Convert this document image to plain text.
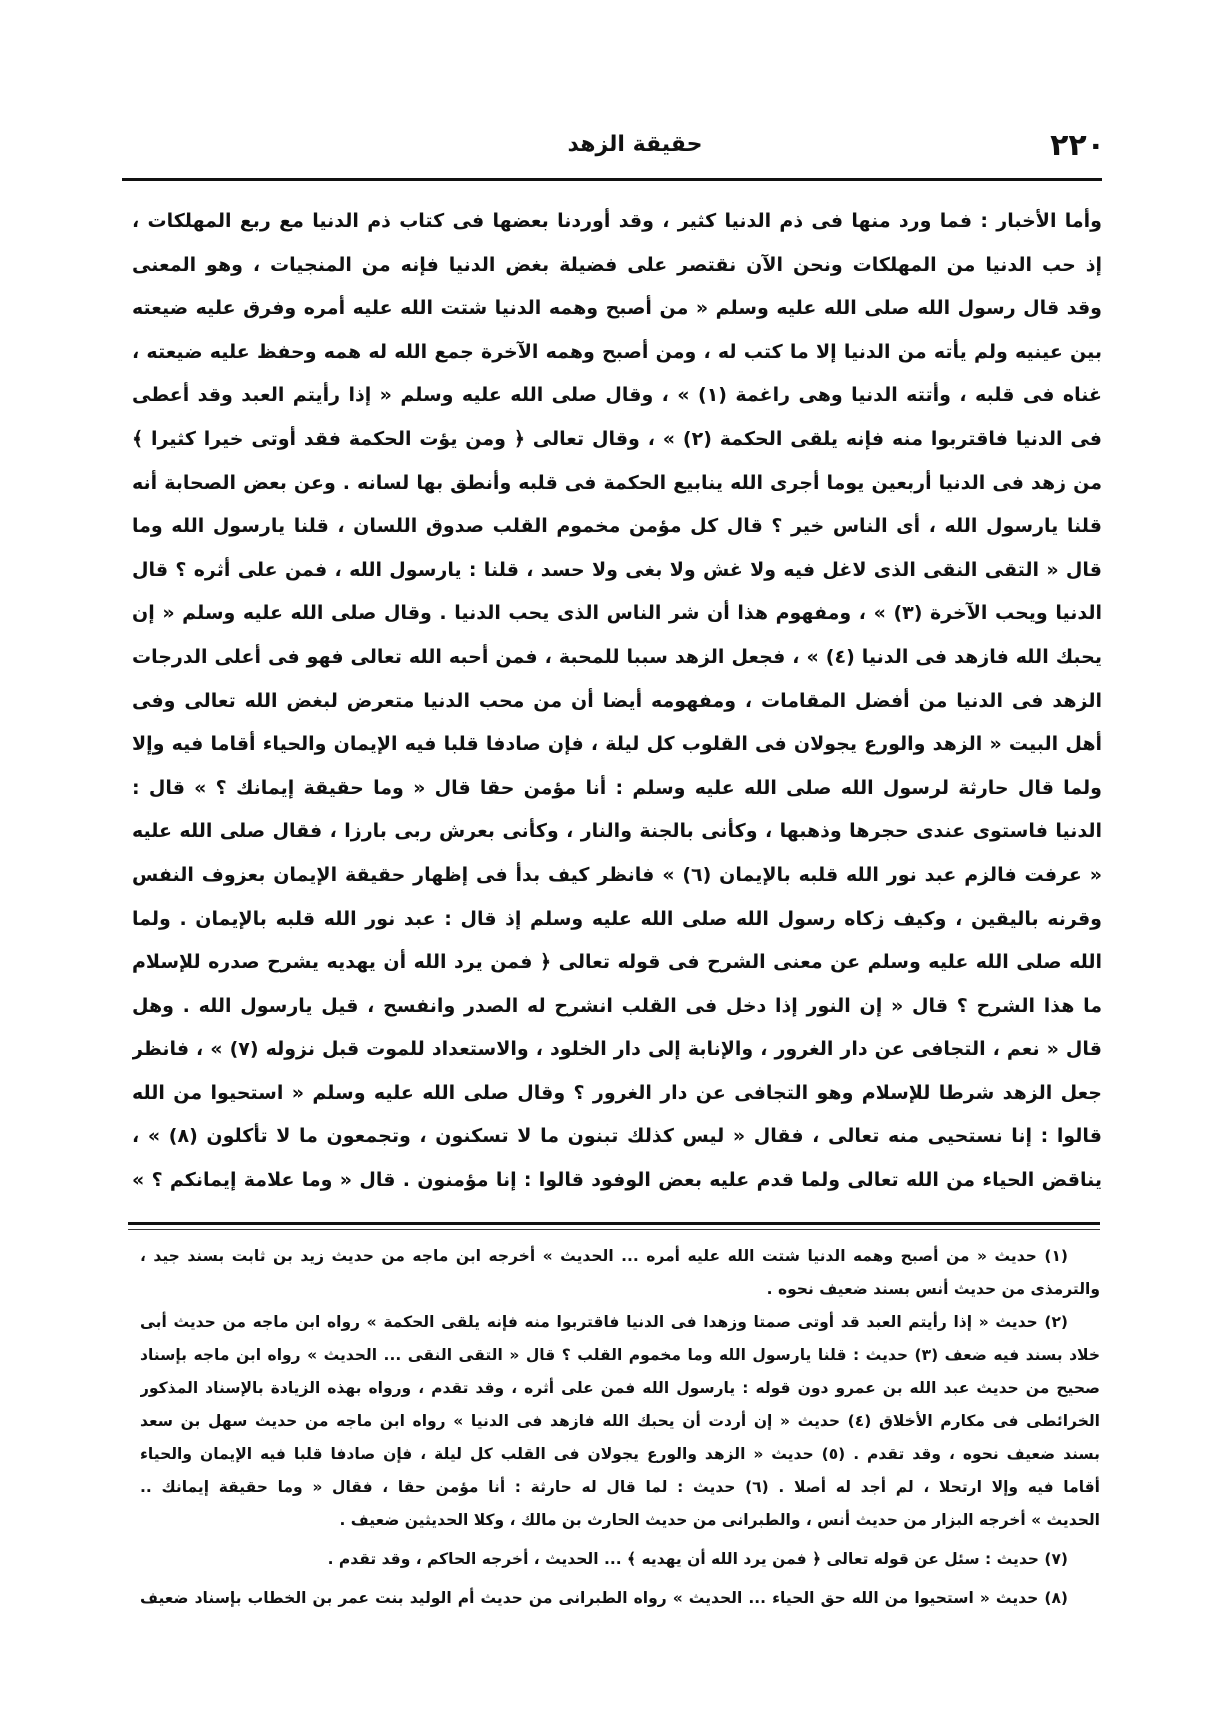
٢٢٠
حقيقة الزهد
وأما الأخبار : فما ورد منها فى ذم الدنيا كثير ، وقد أوردنا بعضها فى كتاب ذم الدنيا مع ربع المهلكات ،
إذ حب الدنيا من المهلكات ونحن الآن نقتصر على فضيلة بغض الدنيا فإنه من المنجيات ، وهو المعنى
وقد قال رسول الله صلى الله عليه وسلم « من أصبح وهمه الدنيا شتت الله عليه أمره وفرق عليه ضيعته
بين عينيه ولم يأته من الدنيا إلا ما كتب له ، ومن أصبح وهمه الآخرة جمع الله له همه وحفظ عليه ضيعته ،
غناه فى قلبه ، وأتته الدنيا وهى راغمة (١) » ، وقال صلى الله عليه وسلم « إذا رأيتم العبد وقد أعطى
فى الدنيا فاقتربوا منه فإنه يلقى الحكمة (٢) » ، وقال تعالى ﴿ ومن يؤت الحكمة فقد أوتى خيرا كثيرا ﴾
من زهد فى الدنيا أربعين يوما أجرى الله ينابيع الحكمة فى قلبه وأنطق بها لسانه . وعن بعض الصحابة أنه
قلنا يارسول الله ، أى الناس خير ؟ قال كل مؤمن مخموم القلب صدوق اللسان ، قلنا يارسول الله وما
قال « التقى النقى الذى لاغل فيه ولا غش ولا بغى ولا حسد ، قلنا : يارسول الله ، فمن على أثره ؟ قال
الدنيا ويحب الآخرة (٣) » ، ومفهوم هذا أن شر الناس الذى يحب الدنيا . وقال صلى الله عليه وسلم « إن
يحبك الله فازهد فى الدنيا (٤) » ، فجعل الزهد سببا للمحبة ، فمن أحبه الله تعالى فهو فى أعلى الدرجات
الزهد فى الدنيا من أفضل المقامات ، ومفهومه أيضا أن من محب الدنيا متعرض لبغض الله تعالى وفى
أهل البيت « الزهد والورع يجولان فى القلوب كل ليلة ، فإن صادفا قلبا فيه الإيمان والحياء أقاما فيه وإلا
ولما قال حارثة لرسول الله صلى الله عليه وسلم : أنا مؤمن حقا قال « وما حقيقة إيمانك ؟ » قال :
الدنيا فاستوى عندى حجرها وذهبها ، وكأنى بالجنة والنار ، وكأنى بعرش ربى بارزا ، فقال صلى الله عليه
« عرفت فالزم عبد نور الله قلبه بالإيمان (٦) » فانظر كيف بدأ فى إظهار حقيقة الإيمان بعزوف النفس
وقرنه باليقين ، وكيف زكاه رسول الله صلى الله عليه وسلم إذ قال : عبد نور الله قلبه بالإيمان . ولما
الله صلى الله عليه وسلم عن معنى الشرح فى قوله تعالى ﴿ فمن يرد الله أن يهديه يشرح صدره للإسلام
ما هذا الشرح ؟ قال « إن النور إذا دخل فى القلب انشرح له الصدر وانفسح ، قيل يارسول الله . وهل
قال « نعم ، التجافى عن دار الغرور ، والإنابة إلى دار الخلود ، والاستعداد للموت قبل نزوله (٧) » ، فانظر
جعل الزهد شرطا للإسلام وهو التجافى عن دار الغرور ؟ وقال صلى الله عليه وسلم « استحيوا من الله
قالوا : إنا نستحيى منه تعالى ، فقال « ليس كذلك تبنون ما لا تسكنون ، وتجمعون ما لا تأكلون (٨) » ،
يناقض الحياء من الله تعالى ولما قدم عليه بعض الوفود قالوا : إنا مؤمنون . قال « وما علامة إيمانكم ؟ »
(١) حديث « من أصبح وهمه الدنيا شتت الله عليه أمره ... الحديث » أخرجه ابن ماجه من حديث زيد بن ثابت بسند جيد ،
والترمذى من حديث أنس بسند ضعيف نحوه .
(٢) حديث « إذا رأيتم العبد قد أوتى صمتا وزهدا فى الدنيا فاقتربوا منه فإنه يلقى الحكمة » رواه ابن ماجه من حديث أبى
خلاد بسند فيه ضعف (٣) حديث : قلنا يارسول الله وما مخموم القلب ؟ قال « التقى النقى ... الحديث » رواه ابن ماجه بإسناد
صحيح من حديث عبد الله بن عمرو دون قوله : يارسول الله فمن على أثره ، وقد تقدم ، ورواه بهذه الزيادة بالإسناد المذكور
الخرائطى فى مكارم الأخلاق (٤) حديث « إن أردت أن يحبك الله فازهد فى الدنيا » رواه ابن ماجه من حديث سهل بن سعد
بسند ضعيف نحوه ، وقد تقدم . (٥) حديث « الزهد والورع يجولان فى القلب كل ليلة ، فإن صادفا قلبا فيه الإيمان والحياء
أقاما فيه وإلا ارتحلا ، لم أجد له أصلا . (٦) حديث : لما قال له حارثة : أنا مؤمن حقا ، فقال « وما حقيقة إيمانك ..
الحديث » أخرجه البزار من حديث أنس ، والطبرانى من حديث الحارث بن مالك ، وكلا الحديثين ضعيف .
(٧) حديث : سئل عن قوله تعالى ﴿ فمن يرد الله أن يهديه ﴾ ... الحديث ، أخرجه الحاكم ، وقد تقدم .
(٨) حديث « استحيوا من الله حق الحياء ... الحديث » رواه الطبرانى من حديث أم الوليد بنت عمر بن الخطاب بإسناد ضعيف
